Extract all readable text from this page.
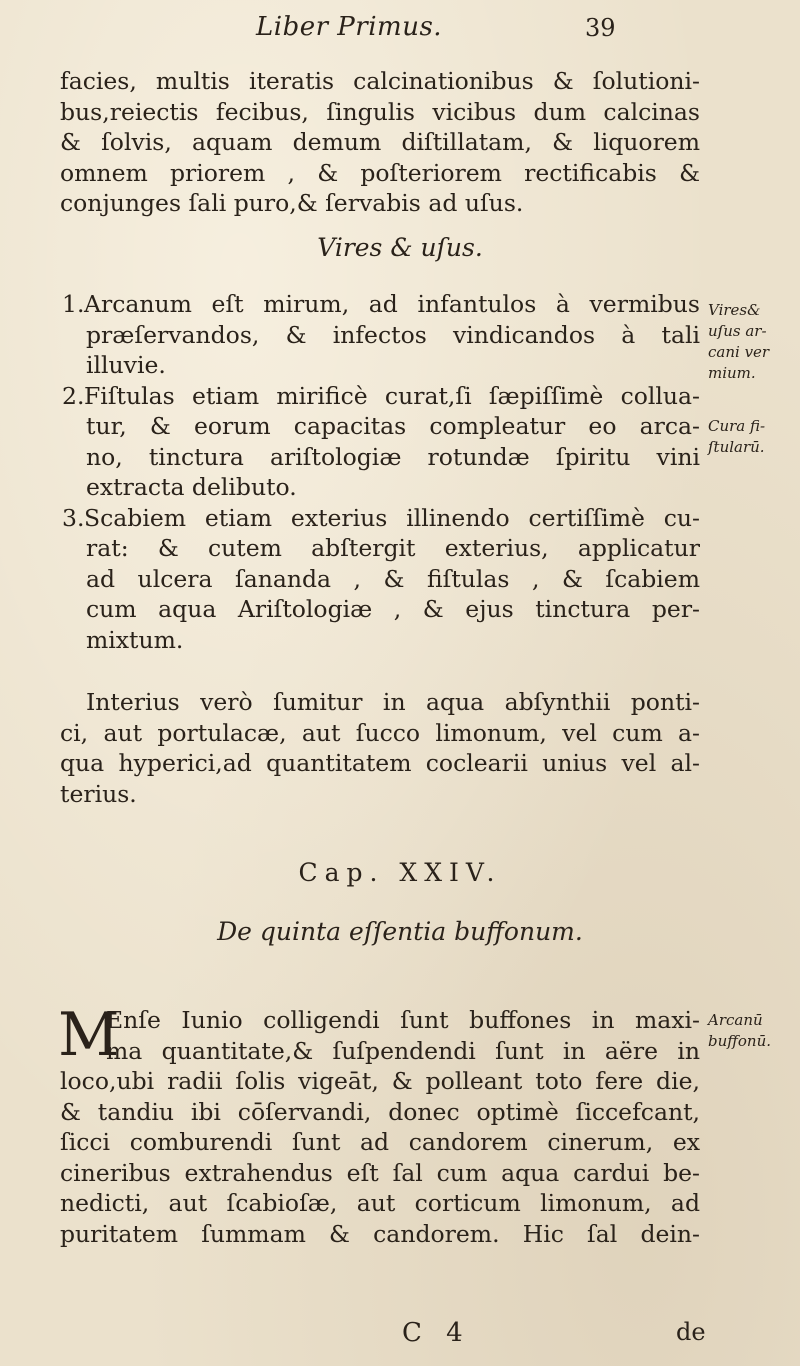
Liber Primus.	39
facies, multis iteratis calcinationibus & ſolutioni-
bus,reiectis fecibus, ſingulis vicibus dum calcinas
& ſolvis, aquam demum diſtillatam, & liquorem
omnem priorem , & poſteriorem rectificabis &
conjunges ſali puro,& ſervabis ad uſus.
Vires & uſus.
1.Arcanum eſt mirum, ad infantulos à vermibus
præſervandos, & infectos vindicandos à tali
illuvie.
2.Fiſtulas etiam mirificè curat,ſi ſæpiſſimè collua-
tur, & eorum capacitas compleatur eo arca-
no, tinctura ariſtologiæ rotundæ ſpiritu vini
extracta delibuto.
3.Scabiem etiam exterius illinendo certiſſimè cu-
rat: & cutem abſtergit exterius, applicatur
ad ulcera ſananda , & fiſtulas , & ſcabiem
cum aqua Ariſtologiæ , & ejus tinctura per-
mixtum.
Interius verò ſumitur in aqua abſynthii ponti-
ci, aut portulacæ, aut ſucco limonum, vel cum a-
qua hyperici,ad quantitatem coclearii unius vel al-
terius.
Vires&
uſus ar-
cani ver
mium.
Cura fi-
ſtularū.
Arcanū
buffonū.
Cap. XXIV.
De quinta eſſentia buffonum.
M
Enſe Iunio colligendi ſunt buffones in maxi-
ma quantitate,& ſuſpendendi ſunt in aëre in
loco,ubi radii ſolis vigeāt, & polleant toto fere die,
& tandiu ibi cōſervandi, donec optimè ſiccefcant,
ſicci comburendi ſunt ad candorem cinerum, ex
cineribus extrahendus eſt ſal cum aqua cardui be-
nedicti, aut ſcabioſæ, aut corticum limonum, ad
puritatem ſummam & candorem. Hic ſal dein-
C 4	de
